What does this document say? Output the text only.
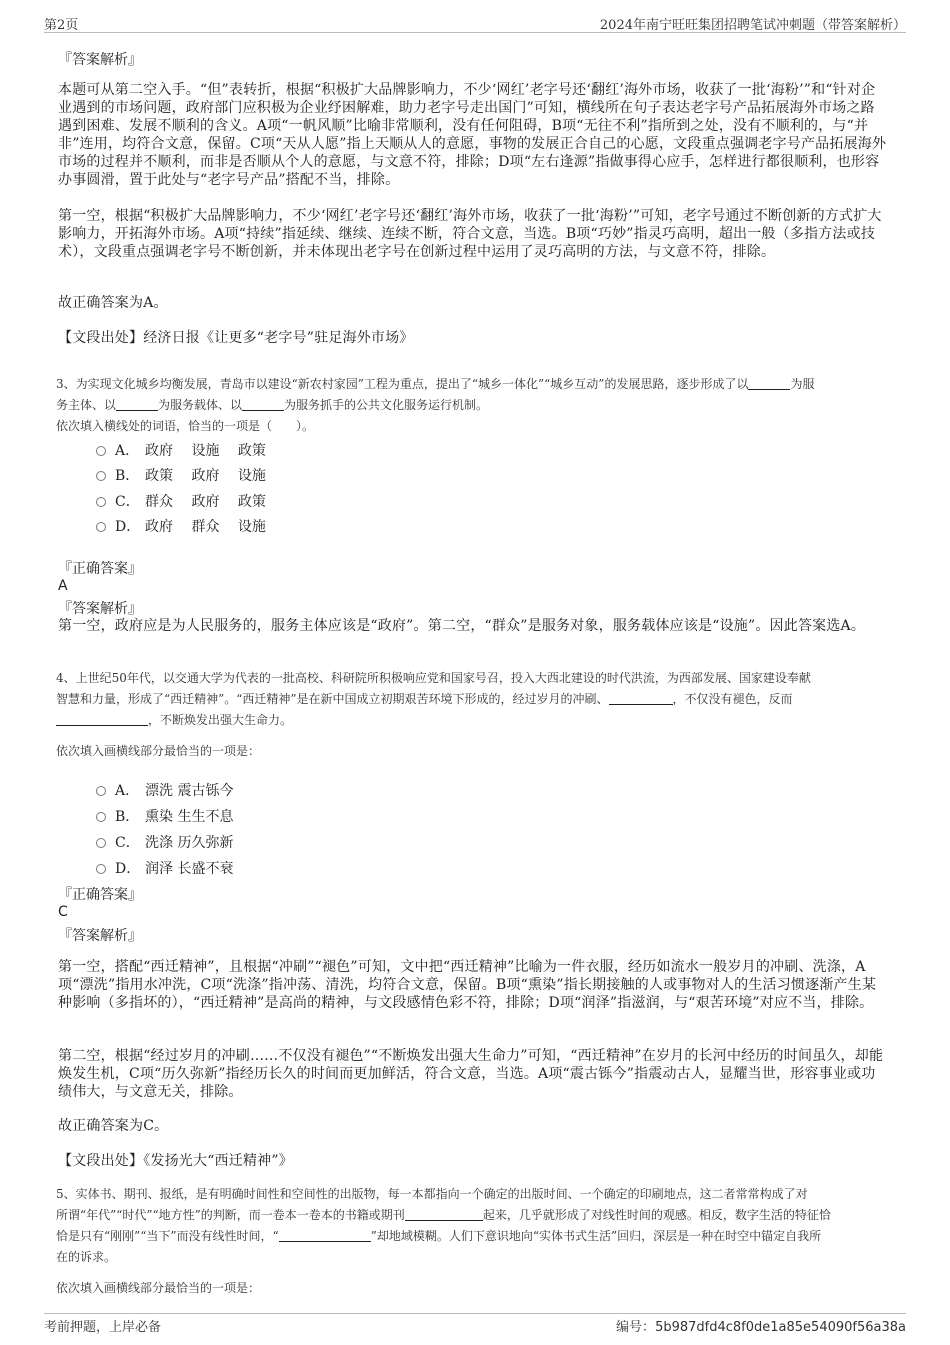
第2页	2024年南宁旺旺集团招聘笔试冲刺题（带答案解析）
『答案解析』
本题可从第二空入手。“但”表转折，根据“积极扩大品牌影响力，不少‘网红’老字号还‘翻红’海外市场，收获了一批‘海粉’”和“针对企业遇到的市场问题，政府部门应积极为企业纾困解难，助力老字号走出国门”可知，横线所在句子表达老字号产品拓展海外市场之路遇到困难、发展不顺利的含义。A项“一帆风顺”比喻非常顺利，没有任何阻碍，B项“无往不利”指所到之处，没有不顺利的，与“并非”连用，均符合文意，保留。C项“天从人愿”指上天顺从人的意愿，事物的发展正合自己的心愿，文段重点强调老字号产品拓展海外市场的过程并不顺利，而非是否顺从个人的意愿，与文意不符，排除；D项“左右逢源”指做事得心应手，怎样进行都很顺利，也形容办事圆滑，置于此处与“老字号产品”搭配不当，排除。
第一空，根据“积极扩大品牌影响力，不少‘网红’老字号还‘翻红’海外市场，收获了一批‘海粉’”可知，老字号通过不断创新的方式扩大影响力，开拓海外市场。A项“持续”指延续、继续、连续不断，符合文意，当选。B项“巧妙”指灵巧高明，超出一般（多指方法或技术），文段重点强调老字号不断创新，并未体现出老字号在创新过程中运用了灵巧高明的方法，与文意不符，排除。
故正确答案为A。
【文段出处】经济日报《让更多“老字号”驻足海外市场》
3、为实现文化城乡均衡发展，青岛市以建设“新农村家园”工程为重点，提出了“城乡一体化”“城乡互动”的发展思路，逐步形成了以	为服
务主体、以	为服务载体、以	为服务抓手的公共文化服务运行机制。
依次填入横线处的词语，恰当的一项是（　　）。
A． 政府　 设施　 政策
B． 政策　 政府　 设施
C． 群众　 政府　 政策
D． 政府　 群众　 设施
『正确答案』
A
『答案解析』
第一空，政府应是为人民服务的，服务主体应该是“政府”。第二空，“群众”是服务对象，服务载体应该是“设施”。因此答案选A。
4、上世纪50年代，以交通大学为代表的一批高校、科研院所积极响应党和国家号召，投入大西北建设的时代洪流，为西部发展、国家建设奉献
智慧和力量，形成了“西迁精神”。“西迁精神”是在新中国成立初期艰苦环境下形成的，经过岁月的冲刷、	，不仅没有褪色，反而
，不断焕发出强大生命力。
依次填入画横线部分最恰当的一项是：
A． 漂洗 震古铄今
B． 熏染 生生不息
C． 洗涤 历久弥新
D． 润泽 长盛不衰
『正确答案』
C
『答案解析』
第一空，搭配“西迁精神”，且根据“冲刷”“褪色”可知，文中把“西迁精神”比喻为一件衣服，经历如流水一般岁月的冲刷、洗涤，A项“漂洗”指用水冲洗，C项“洗涤”指冲荡、清洗，均符合文意，保留。B项“熏染”指长期接触的人或事物对人的生活习惯逐渐产生某种影响（多指坏的），“西迁精神”是高尚的精神，与文段感情色彩不符，排除；D项“润泽”指滋润，与“艰苦环境”对应不当，排除。
第二空，根据“经过岁月的冲刷……不仅没有褪色”“不断焕发出强大生命力”可知，“西迁精神”在岁月的长河中经历的时间虽久，却能焕发生机，C项“历久弥新”指经历长久的时间而更加鲜活，符合文意，当选。A项“震古铄今”指震动古人，显耀当世，形容事业或功绩伟大，与文意无关，排除。
故正确答案为C。
【文段出处】《发扬光大“西迁精神”》
5、实体书、期刊、报纸，是有明确时间性和空间性的出版物，每一本都指向一个确定的出版时间、一个确定的印刷地点，这二者常常构成了对
所谓“年代”“时代”“地方性”的判断，而一卷本一卷本的书籍或期刊	起来，几乎就形成了对线性时间的观感。相反，数字生活的特征恰
恰是只有“刚刚”“当下”而没有线性时间，“	”却地域模糊。人们下意识地向“实体书式生活”回归，深层是一种在时空中锚定自我所
在的诉求。
依次填入画横线部分最恰当的一项是：
考前押题，上岸必备	编号：5b987dfd4c8f0de1a85e54090f56a38a
